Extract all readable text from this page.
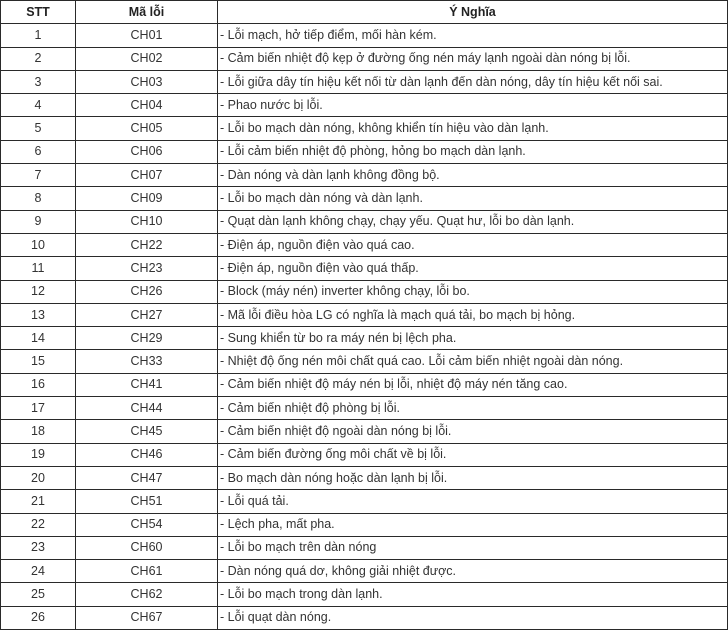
STT	Mã lỗi	Ý Nghĩa
1	CH01	- Lỗi mạch, hở tiếp điểm, mối hàn kém.
2	CH02	- Cảm biến nhiệt độ kẹp ở đường ống nén máy lạnh ngoài dàn nóng bị lỗi.
3	CH03	- Lỗi giữa dây tín hiệu kết nối từ dàn lạnh đến dàn nóng, dây tín hiệu kết nối sai.
4	CH04	- Phao nước bị lỗi.
5	CH05	- Lỗi bo mạch dàn nóng, không khiển tín hiệu vào dàn lạnh.
6	CH06	- Lỗi cảm biến nhiệt độ phòng, hỏng bo mạch dàn lạnh.
7	CH07	- Dàn nóng và dàn lạnh không đồng bộ.
8	CH09	- Lỗi bo mạch dàn nóng và dàn lạnh.
9	CH10	- Quạt dàn lạnh không chạy, chạy yếu. Quạt hư, lỗi bo dàn lạnh.
10	CH22	- Điện áp, nguồn điện vào quá cao.
11	CH23	- Điện áp, nguồn điện vào quá thấp.
12	CH26	- Block (máy nén) inverter không chạy, lỗi bo.
13	CH27	- Mã lỗi điều hòa LG có nghĩa là mạch quá tải, bo mạch bị hỏng.
14	CH29	- Sung khiển từ bo ra máy nén bị lệch pha.
15	CH33	- Nhiệt độ ống nén môi chất quá cao. Lỗi cảm biến nhiệt ngoài dàn nóng.
16	CH41	- Cảm biến nhiệt độ máy nén bị lỗi, nhiệt độ máy nén tăng cao.
17	CH44	- Cảm biến nhiệt độ phòng bị lỗi.
18	CH45	- Cảm biến nhiệt độ ngoài dàn nóng bị lỗi.
19	CH46	- Cảm biến đường ống môi chất về bị lỗi.
20	CH47	- Bo mạch dàn nóng hoặc dàn lạnh bị lỗi.
21	CH51	- Lỗi quá tải.
22	CH54	- Lệch pha, mất pha.
23	CH60	- Lỗi bo mạch trên dàn nóng
24	CH61	- Dàn nóng quá dơ, không giải nhiệt được.
25	CH62	- Lỗi bo mạch trong dàn lạnh.
26	CH67	- Lỗi quạt dàn nóng.
